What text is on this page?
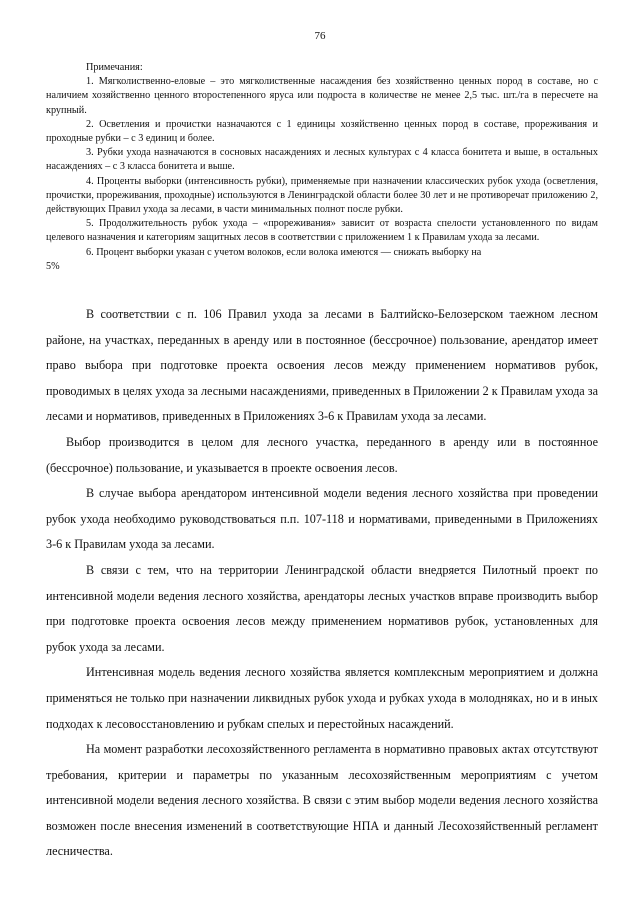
76
Примечания:

1. Мягколиственно-еловые – это мягколиственные насаждения без хозяйственно ценных пород в составе, но с наличием хозяйственно ценного второстепенного яруса или подроста в количестве не менее 2,5 тыс. шт./га в пересчете на крупный.

2. Осветления и прочистки назначаются с 1 единицы хозяйственно ценных пород в составе, прореживания и проходные рубки – с 3 единиц и более.

3. Рубки ухода назначаются в сосновых насаждениях и лесных культурах с 4 класса бонитета и выше, в остальных насаждениях – с 3 класса бонитета и выше.

4. Проценты выборки (интенсивность рубки), применяемые при назначении классических рубок ухода (осветления, прочистки, прореживания, проходные) используются в Ленинградской области более 30 лет и не противоречат приложению 2, действующих Правил ухода за лесами, в части минимальных полнот после рубки.

5. Продолжительность рубок ухода – «прореживания» зависит от возраста спелости установленного по видам целевого назначения и категориям защитных лесов в соответствии с приложением 1 к Правилам ухода за лесами.

6. Процент выборки указан с учетом волоков, если волока имеются — снижать выборку на

5%

В соответствии с п. 106 Правил ухода за лесами в Балтийско-Белозерском таежном лесном районе, на участках, переданных в аренду или в постоянное (бессрочное) пользование, арендатор имеет право выбора при подготовке проекта освоения лесов между применением нормативов рубок, проводимых в целях ухода за лесными насаждениями, приведенных в Приложении 2 к Правилам ухода за лесами и нормативов, приведенных в Приложениях 3-6 к Правилам ухода за лесами.

Выбор производится в целом для лесного участка, переданного в аренду или в постоянное (бессрочное) пользование, и указывается в проекте освоения лесов.

В случае выбора арендатором интенсивной модели ведения лесного хозяйства при проведении рубок ухода необходимо руководствоваться п.п. 107-118 и нормативами, приведенными в Приложениях 3-6 к Правилам ухода за лесами.

В связи с тем, что на территории Ленинградской области внедряется Пилотный проект по интенсивной модели ведения лесного хозяйства, арендаторы лесных участков вправе производить выбор при подготовке проекта освоения лесов между применением нормативов рубок, установленных для рубок ухода за лесами.

Интенсивная модель ведения лесного хозяйства является комплексным мероприятием и должна применяться не только при назначении ликвидных рубок ухода и рубках ухода в молодняках, но и в иных подходах к лесовосстановлению и рубкам спелых и перестойных насаждений.

На момент разработки лесохозяйственного регламента в нормативно правовых актах отсутствуют требования, критерии и параметры по указанным лесохозяйственным мероприятиям с учетом интенсивной модели ведения лесного хозяйства. В связи с этим выбор модели ведения лесного хозяйства возможен после внесения изменений в соответствующие НПА и данный Лесохозяйственный регламент лесничества.
